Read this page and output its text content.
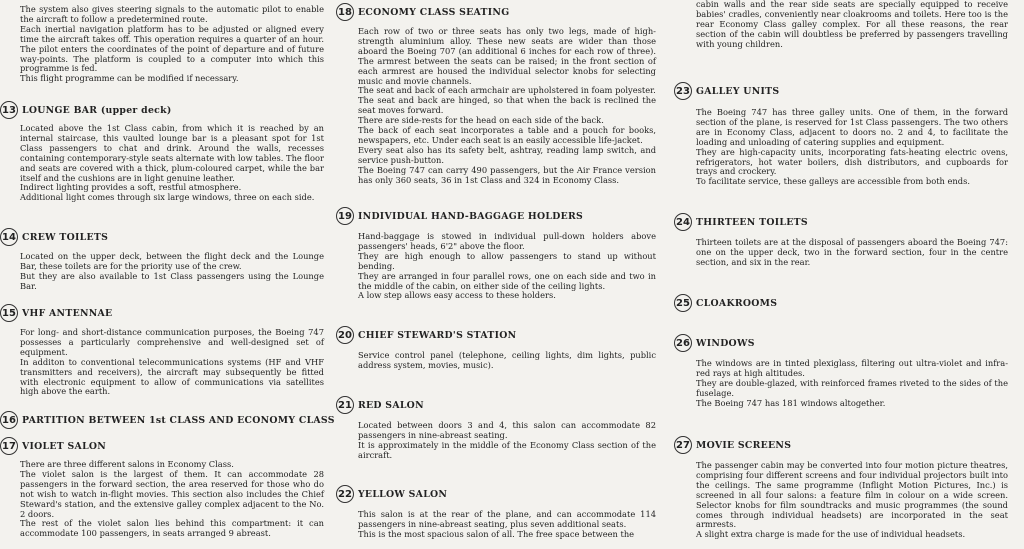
The system also gives steering signals to the automatic pilot to enable the aircraft to follow a predetermined route.
Each inertial navigation platform has to be adjusted or aligned every time the aircraft takes off. This operation requires a quarter of an hour. The pilot enters the coordinates of the point of departure and of future way-points. The platform is coupled to a computer into which this programme is fed.
This flight programme can be modified if necessary.

13 LOUNGE BAR (upper deck)

Located above the 1st Class cabin, from which it is reached by an internal staircase, this vaulted lounge bar is a pleasant spot for 1st Class passengers to chat and drink. Around the walls, recesses containing contemporary-style seats alternate with low tables. The floor and seats are covered with a thick, plum-coloured carpet, while the bar itself and the cushions are in light genuine leather.
Indirect lighting provides a soft, restful atmosphere.
Additional light comes through six large windows, three on each side.

14 CREW TOILETS

Located on the upper deck, between the flight deck and the Lounge Bar, these toilets are for the priority use of the crew.
But they are also available to 1st Class passengers using the Lounge Bar.

15 VHF ANTENNAE

For long- and short-distance communication purposes, the Boeing 747 possesses a particularly comprehensive and well-designed set of equipment.
In additon to conventional telecommunications systems (HF and VHF transmitters and receivers), the aircraft may subsequently be fitted with electronic equipment to allow of communications via satellites high above the earth.

16 PARTITION BETWEEN 1st CLASS AND ECONOMY CLASS
17 VIOLET SALON

There are three different salons in Economy Class.
The violet salon is the largest of them. It can accommodate 28 passengers in the forward section, the area reserved for those who do not wish to watch in-flight movies. This section also includes the Chief Steward's station, and the extensive galley complex adjacent to the No. 2 doors.
The rest of the violet salon lies behind this compartment: it can accommodate 100 passengers, in seats arranged 9 abreast.

18 ECONOMY CLASS SEATING

Each row of two or three seats has only two legs, made of high-strength aluminium alloy. These new seats are wider than those aboard the Boeing 707 (an additional 6 inches for each row of three). The armrest between the seats can be raised; in the front section of each armrest are housed the individual selector knobs for selecting music and movie channels.
The seat and back of each armchair are upholstered in foam polyester.
The seat and back are hinged, so that when the back is reclined the seat moves forward.
There are side-rests for the head on each side of the back.
The back of each seat incorporates a table and a pouch for books, newspapers, etc. Under each seat is an easily accessible life-jacket.
Every seat also has its safety belt, ashtray, reading lamp switch, and service push-button.
The Boeing 747 can carry 490 passengers, but the Air France version has only 360 seats, 36 in 1st Class and 324 in Economy Class.

19 INDIVIDUAL HAND-BAGGAGE HOLDERS

Hand-baggage is stowed in individual pull-down holders above passengers' heads, 6'2" above the floor.
They are high enough to allow passengers to stand up without bending.
They are arranged in four parallel rows, one on each side and two in the middle of the cabin, on either side of the ceiling lights.
A low step allows easy access to these holders.

20 CHIEF STEWARD'S STATION

Service control panel (telephone, ceiling lights, dim lights, public address system, movies, music).

21 RED SALON

Located between doors 3 and 4, this salon can accommodate 82 passengers in nine-abreast seating.
It is approximately in the middle of the Economy Class section of the aircraft.

22 YELLOW SALON

This salon is at the rear of the plane, and can accommodate 114 passengers in nine-abreast seating, plus seven additional seats.
This is the most spacious salon of all. The free space between the

cabin walls and the rear side seats are specially equipped to receive babies' cradles, conveniently near cloakrooms and toilets. Here too is the rear Economy Class galley complex. For all these reasons, the rear section of the cabin will doubtless be preferred by passengers travelling with young children.

23 GALLEY UNITS

The Boeing 747 has three galley units. One of them, in the forward section of the plane, is reserved for 1st Class passengers. The two others are in Economy Class, adjacent to doors no. 2 and 4, to facilitate the loading and unloading of catering supplies and equipment.
They are high-capacity units, incorporating fats-heating electric ovens, refrigerators, hot water boilers, dish distributors, and cupboards for trays and crockery.
To facilitate service, these galleys are accessible from both ends.

24 THIRTEEN TOILETS

Thirteen toilets are at the disposal of passengers aboard the Boeing 747: one on the upper deck, two in the forward section, four in the centre section, and six in the rear.

25 CLOAKROOMS
26 WINDOWS

The windows are in tinted plexiglass, filtering out ultra-violet and infra-red rays at high altitudes.
They are double-glazed, with reinforced frames riveted to the sides of the fuselage.
The Boeing 747 has 181 windows altogether.

27 MOVIE SCREENS

The passenger cabin may be converted into four motion picture theatres, comprising four different screens and four individual projectors built into the ceilings. The same programme (Inflight Motion Pictures, Inc.) is screened in all four salons: a feature film in colour on a wide screen. Selector knobs for film soundtracks and music programmes (the sound comes through individual headsets) are incorporated in the seat armrests.
A slight extra charge is made for the use of individual headsets.
